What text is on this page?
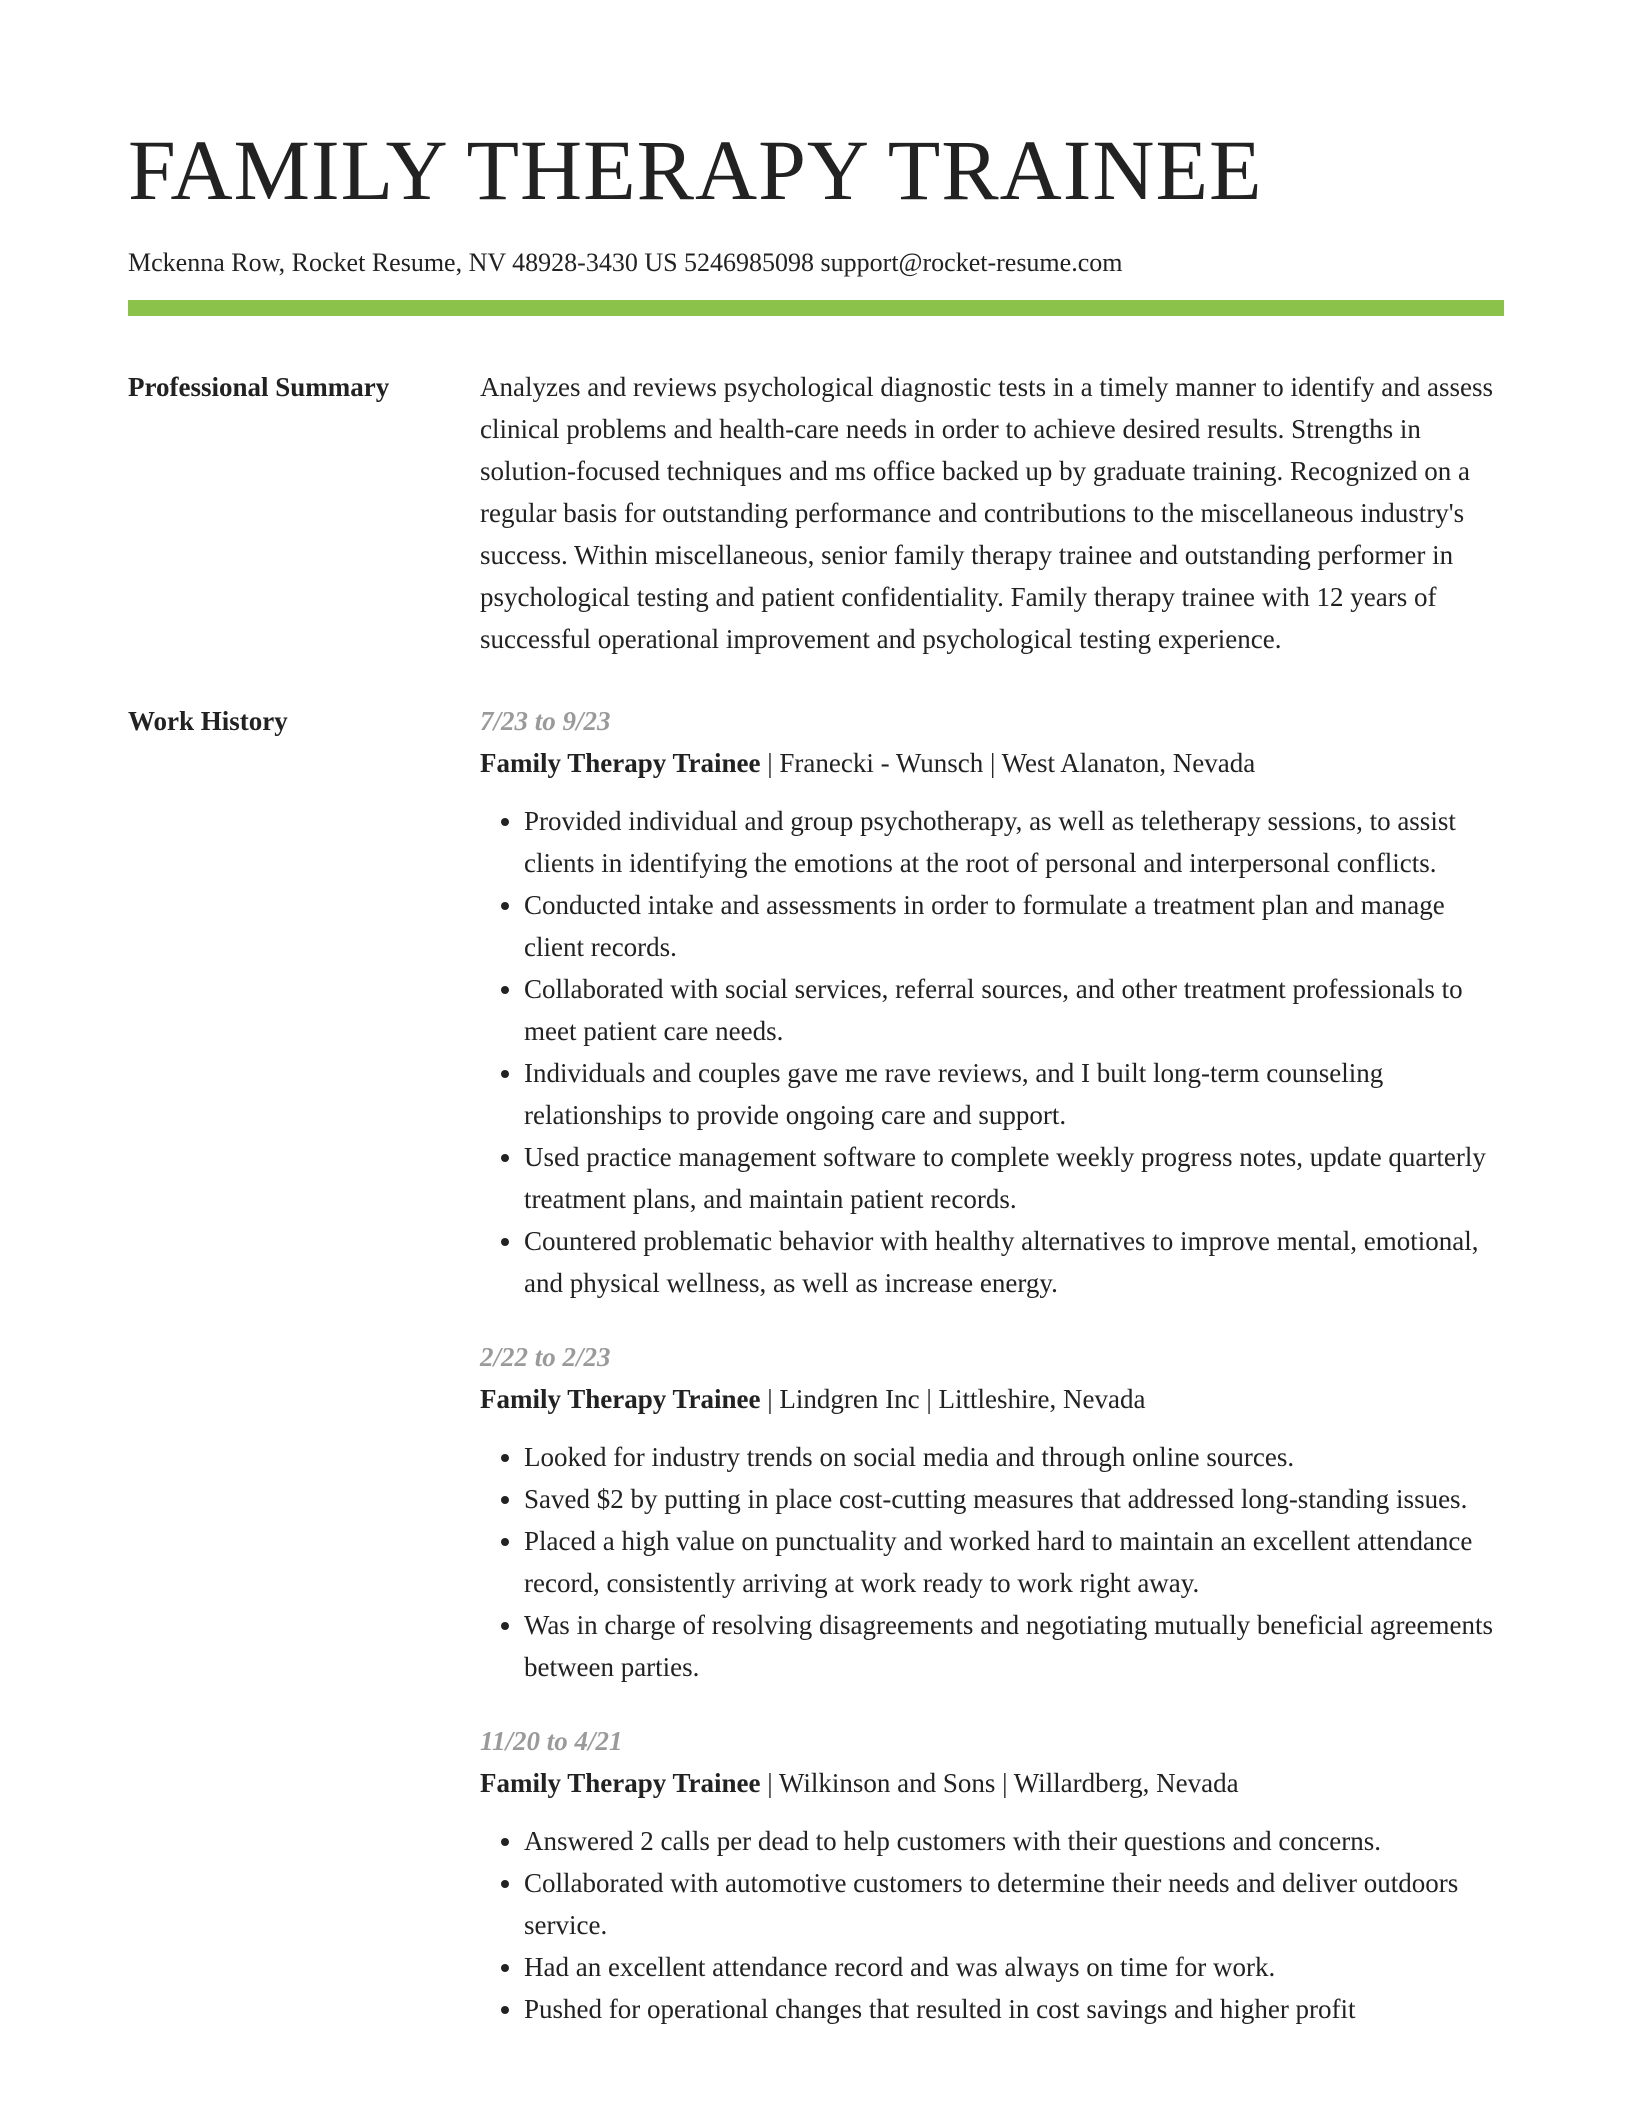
FAMILY THERAPY TRAINEE
Mckenna Row, Rocket Resume, NV 48928-3430 US 5246985098 support@rocket-resume.com
Professional Summary	Analyzes and reviews psychological diagnostic tests in a timely manner to identify and assess clinical problems and health-care needs in order to achieve desired results. Strengths in solution-focused techniques and ms office backed up by graduate training. Recognized on a regular basis for outstanding performance and contributions to the miscellaneous industry's success. Within miscellaneous, senior family therapy trainee and outstanding performer in psychological testing and patient confidentiality. Family therapy trainee with 12 years of successful operational improvement and psychological testing experience.

Work History	7/23 to 9/23
Family Therapy Trainee | Franecki - Wunsch | West Alanaton, Nevada
• Provided individual and group psychotherapy, as well as teletherapy sessions, to assist clients in identifying the emotions at the root of personal and interpersonal conflicts.
• Conducted intake and assessments in order to formulate a treatment plan and manage client records.
• Collaborated with social services, referral sources, and other treatment professionals to meet patient care needs.
• Individuals and couples gave me rave reviews, and I built long-term counseling relationships to provide ongoing care and support.
• Used practice management software to complete weekly progress notes, update quarterly treatment plans, and maintain patient records.
• Countered problematic behavior with healthy alternatives to improve mental, emotional, and physical wellness, as well as increase energy.
2/22 to 2/23
Family Therapy Trainee | Lindgren Inc | Littleshire, Nevada
• Looked for industry trends on social media and through online sources.
• Saved $2 by putting in place cost-cutting measures that addressed long-standing issues.
• Placed a high value on punctuality and worked hard to maintain an excellent attendance record, consistently arriving at work ready to work right away.
• Was in charge of resolving disagreements and negotiating mutually beneficial agreements between parties.
11/20 to 4/21
Family Therapy Trainee | Wilkinson and Sons | Willardberg, Nevada
• Answered 2 calls per dead to help customers with their questions and concerns.
• Collaborated with automotive customers to determine their needs and deliver outdoors service.
• Had an excellent attendance record and was always on time for work.
• Pushed for operational changes that resulted in cost savings and higher profit
